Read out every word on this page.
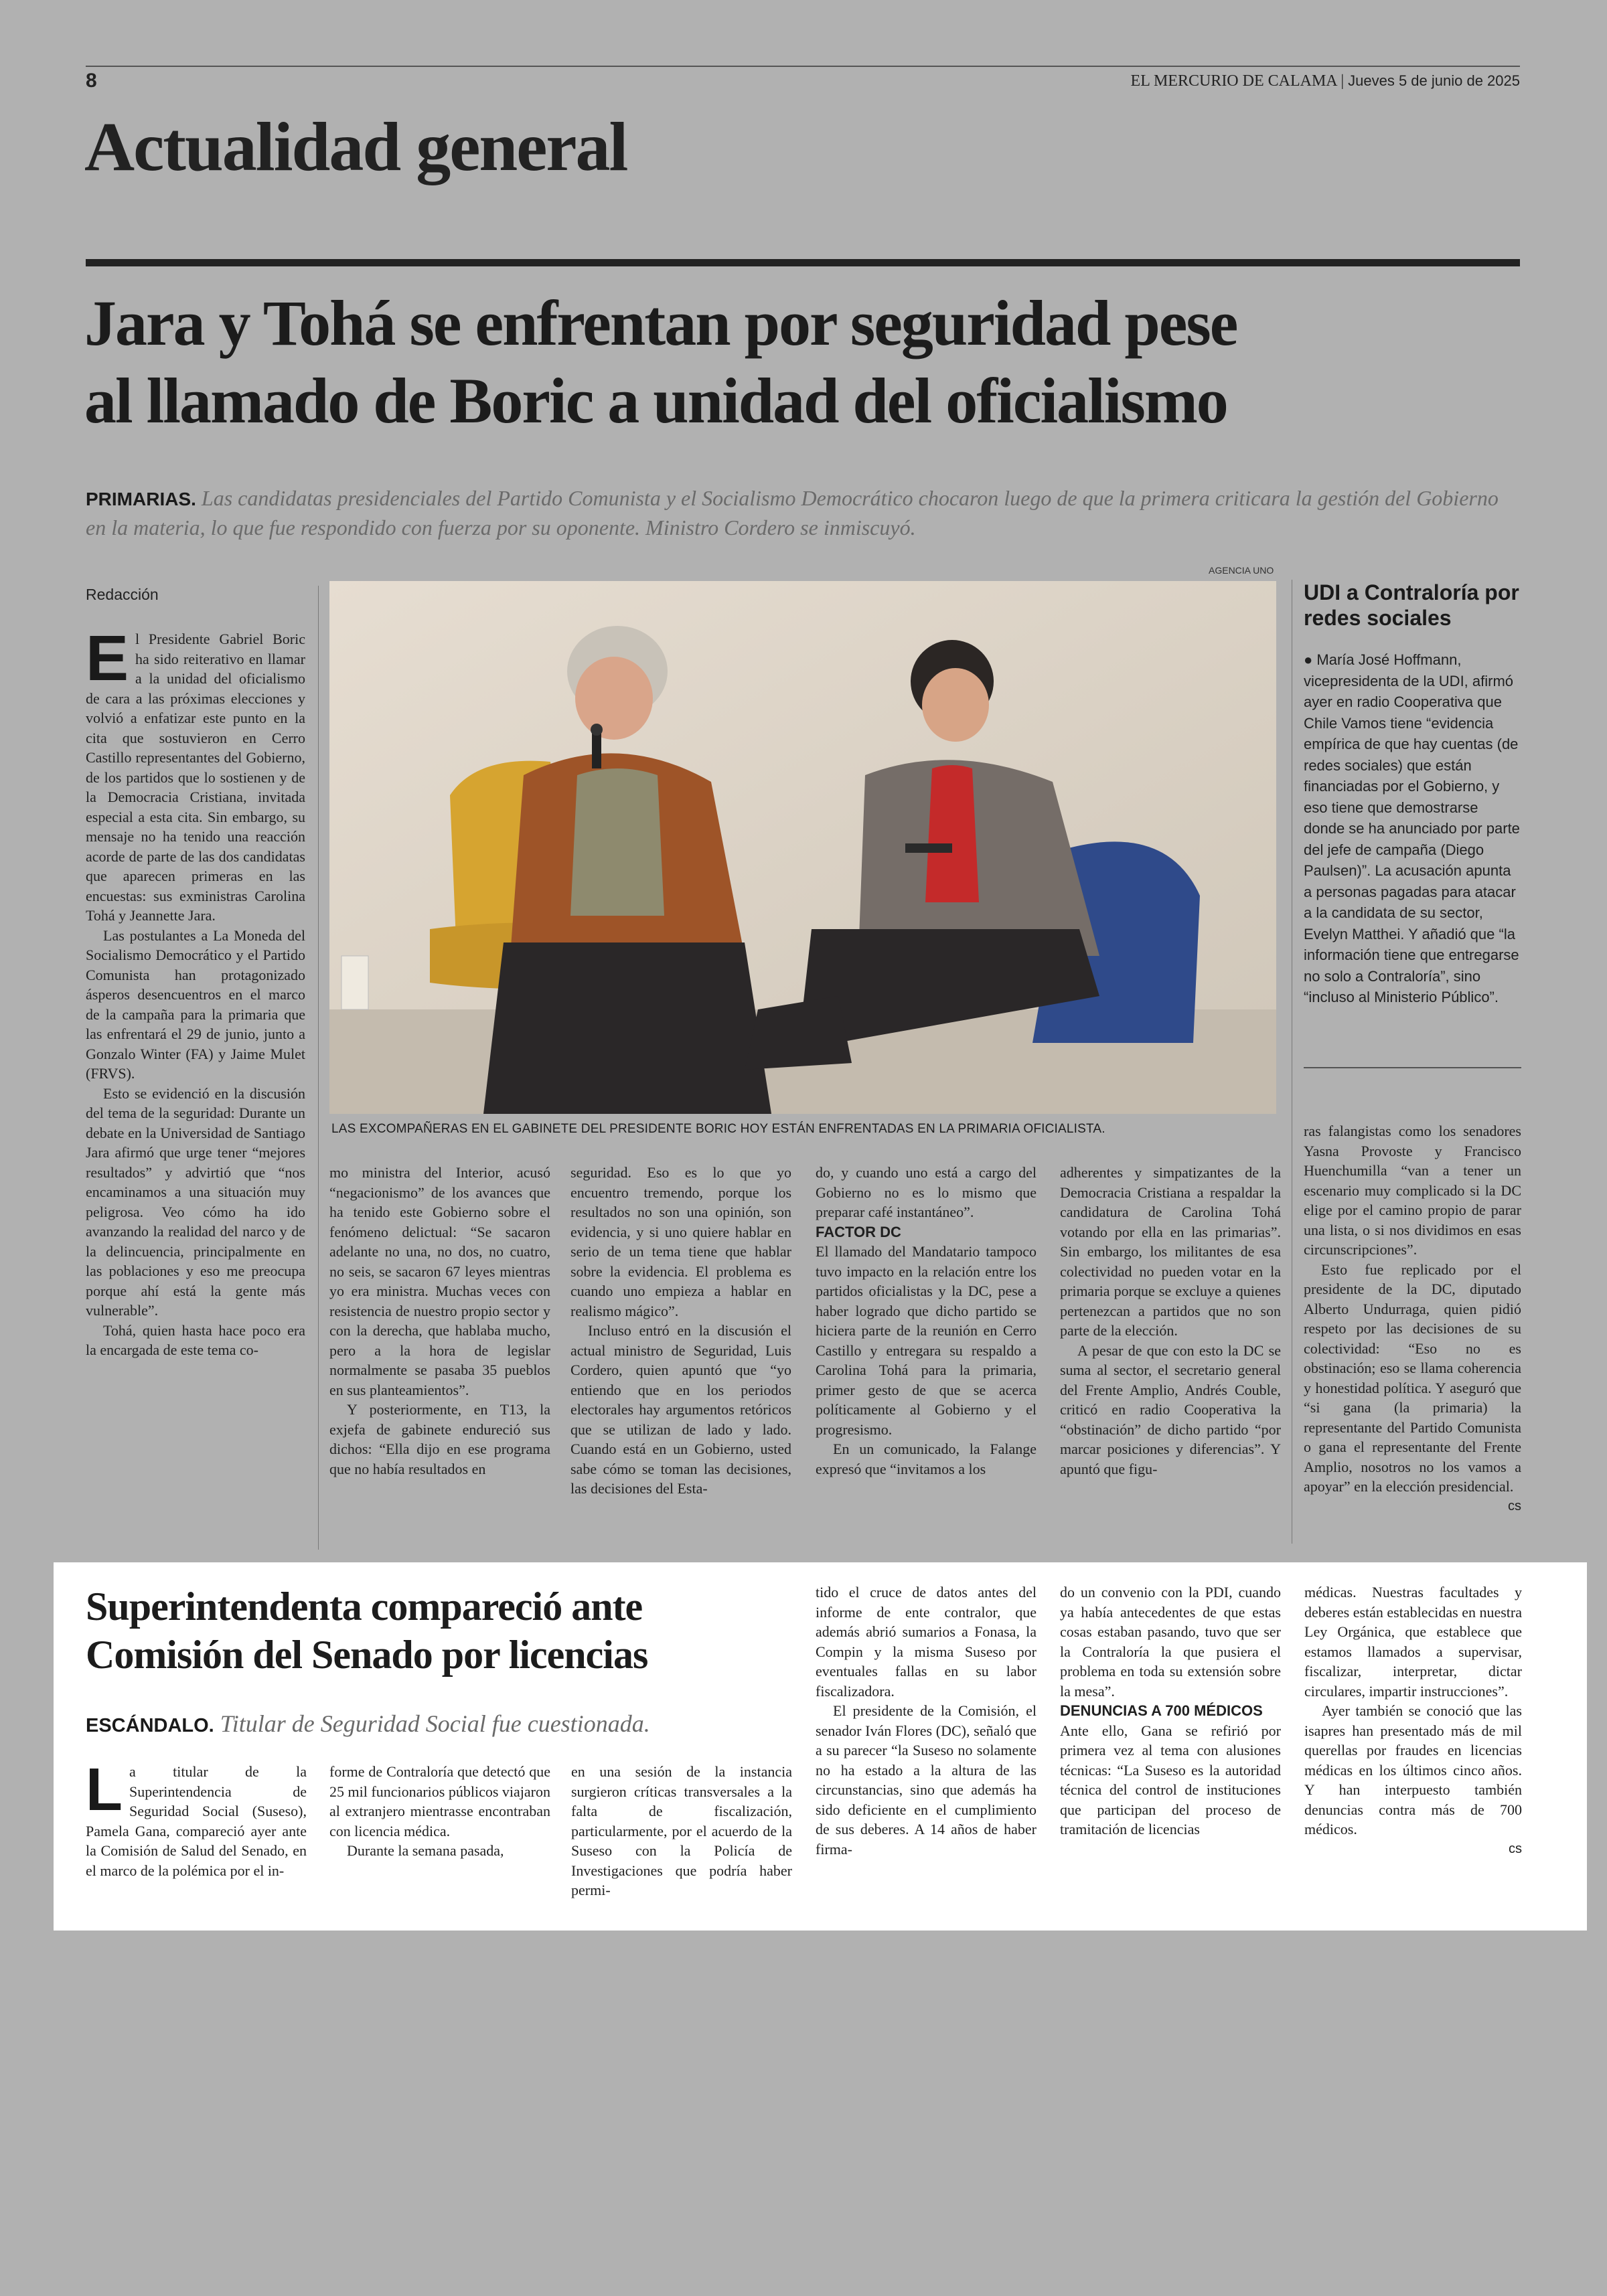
8	EL MERCURIO DE CALAMA | Jueves 5 de junio de 2025
Actualidad general
Jara y Tohá se enfrentan por seguridad pese
al llamado de Boric a unidad del oficialismo
PRIMARIAS. Las candidatas presidenciales del Partido Comunista y el Socialismo Democrático chocaron luego de que la primera criticara la gestión del Gobierno en la materia, lo que fue respondido con fuerza por su oponente. Ministro Cordero se inmiscuyó.
Redacción

El Presidente Gabriel Boric ha sido reiterativo en llamar a la unidad del oficialismo de cara a las próximas elecciones y volvió a enfatizar este punto en la cita que sostuvieron en Cerro Castillo representantes del Gobierno, de los partidos que lo sostienen y de la Democracia Cristiana, invitada especial a esta cita. Sin embargo, su mensaje no ha tenido una reacción acorde de parte de las dos candidatas que aparecen primeras en las encuestas: sus exministras Carolina Tohá y Jeannette Jara.

Las postulantes a La Moneda del Socialismo Democrático y el Partido Comunista han protagonizado ásperos desencuentros en el marco de la campaña para la primaria que las enfrentará el 29 de junio, junto a Gonzalo Winter (FA) y Jaime Mulet (FRVS).

Esto se evidenció en la discusión del tema de la seguridad: Durante un debate en la Universidad de Santiago Jara afirmó que urge tener “mejores resultados” y advirtió que “nos encaminamos a una situación muy peligrosa. Veo cómo ha ido avanzando la realidad del narco y de la delincuencia, principalmente en las poblaciones y eso me preocupa porque ahí está la gente más vulnerable”.

Tohá, quien hasta hace poco era la encargada de este tema co-

AGENCIA UNO
LAS EXCOMPAÑERAS EN EL GABINETE DEL PRESIDENTE BORIC HOY ESTÁN ENFRENTADAS EN LA PRIMARIA OFICIALISTA.
UDI a Contraloría por redes sociales
● María José Hoffmann, vicepresidenta de la UDI, afirmó ayer en radio Cooperativa que Chile Vamos tiene “evidencia empírica de que hay cuentas (de redes sociales) que están financiadas por el Gobierno, y eso tiene que demostrarse donde se ha anunciado por parte del jefe de campaña (Diego Paulsen)”. La acusación apunta a personas pagadas para atacar a la candidata de su sector, Evelyn Matthei. Y añadió que “la información tiene que entregarse no solo a Contraloría”, sino “incluso al Ministerio Público”.

mo ministra del Interior, acusó “negacionismo” de los avances que ha tenido este Gobierno sobre el fenómeno delictual: “Se sacaron adelante no una, no dos, no cuatro, no seis, se sacaron 67 leyes mientras yo era ministra. Muchas veces con resistencia de nuestro propio sector y con la derecha, que hablaba mucho, pero a la hora de legislar normalmente se pasaba 35 pueblos en sus planteamientos”.

Y posteriormente, en T13, la exjefa de gabinete endureció sus dichos: “Ella dijo en ese programa que no había resultados en

seguridad. Eso es lo que yo encuentro tremendo, porque los resultados no son una opinión, son evidencia, y si uno quiere hablar en serio de un tema tiene que hablar sobre la evidencia. El problema es cuando uno empieza a hablar en realismo mágico”.

Incluso entró en la discusión el actual ministro de Seguridad, Luis Cordero, quien apuntó que “yo entiendo que en los periodos electorales hay argumentos retóricos que se utilizan de lado y lado. Cuando está en un Gobierno, usted sabe cómo se toman las decisiones, las decisiones del Esta-

do, y cuando uno está a cargo del Gobierno no es lo mismo que preparar café instantáneo”.

FACTOR DC

El llamado del Mandatario tampoco tuvo impacto en la relación entre los partidos oficialistas y la DC, pese a haber logrado que dicho partido se hiciera parte de la reunión en Cerro Castillo y entregara su respaldo a Carolina Tohá para la primaria, primer gesto de que se acerca políticamente al Gobierno y el progresismo.

En un comunicado, la Falange expresó que “invitamos a los

adherentes y simpatizantes de la Democracia Cristiana a respaldar la candidatura de Carolina Tohá votando por ella en las primarias”. Sin embargo, los militantes de esa colectividad no pueden votar en la primaria porque se excluye a quienes pertenezcan a partidos que no son parte de la elección.

A pesar de que con esto la DC se suma al sector, el secretario general del Frente Amplio, Andrés Couble, criticó en radio Cooperativa la “obstinación” de dicho partido “por marcar posiciones y diferencias”. Y apuntó que figu-

ras falangistas como los senadores Yasna Provoste y Francisco Huenchumilla “van a tener un escenario muy complicado si la DC elige por el camino propio de parar una lista, o si nos dividimos en esas circunscripciones”.

Esto fue replicado por el presidente de la DC, diputado Alberto Undurraga, quien pidió respeto por las decisiones de su colectividad: “Eso no es obstinación; eso se llama coherencia y honestidad política. Y aseguró que “si gana (la primaria) la representante del Partido Comunista o gana el representante del Frente Amplio, nosotros no los vamos a apoyar” en la elección presidencial.

cs
Superintendenta compareció ante
Comisión del Senado por licencias
ESCÁNDALO. Titular de Seguridad Social fue cuestionada.

La titular de la Superintendencia de Seguridad Social (Suseso), Pamela Gana, compareció ayer ante la Comisión de Salud del Senado, en el marco de la polémica por el in-

forme de Contraloría que detectó que 25 mil funcionarios públicos viajaron al extranjero mientrasse encontraban con licencia médica.

Durante la semana pasada,

en una sesión de la instancia surgieron críticas transversales a la falta de fiscalización, particularmente, por el acuerdo de la Suseso con la Policía de Investigaciones que podría haber permi-

tido el cruce de datos antes del informe de ente contralor, que además abrió sumarios a Fonasa, la Compin y la misma Suseso por eventuales fallas en su labor fiscalizadora.

El presidente de la Comisión, el senador Iván Flores (DC), señaló que a su parecer “la Suseso no solamente no ha estado a la altura de las circunstancias, sino que además ha sido deficiente en el cumplimiento de sus deberes. A 14 años de haber firma-

do un convenio con la PDI, cuando ya había antecedentes de que estas cosas estaban pasando, tuvo que ser la Contraloría la que pusiera el problema en toda su extensión sobre la mesa”.

DENUNCIAS A 700 MÉDICOS

Ante ello, Gana se refirió por primera vez al tema con alusiones técnicas: “La Suseso es la autoridad técnica del control de instituciones que participan del proceso de tramitación de licencias

médicas. Nuestras facultades y deberes están establecidas en nuestra Ley Orgánica, que establece que estamos llamados a supervisar, fiscalizar, interpretar, dictar circulares, impartir instrucciones”.

Ayer también se conoció que las isapres han presentado más de mil querellas por fraudes en licencias médicas en los últimos cinco años. Y han interpuesto también denuncias contra más de 700 médicos.

cs
